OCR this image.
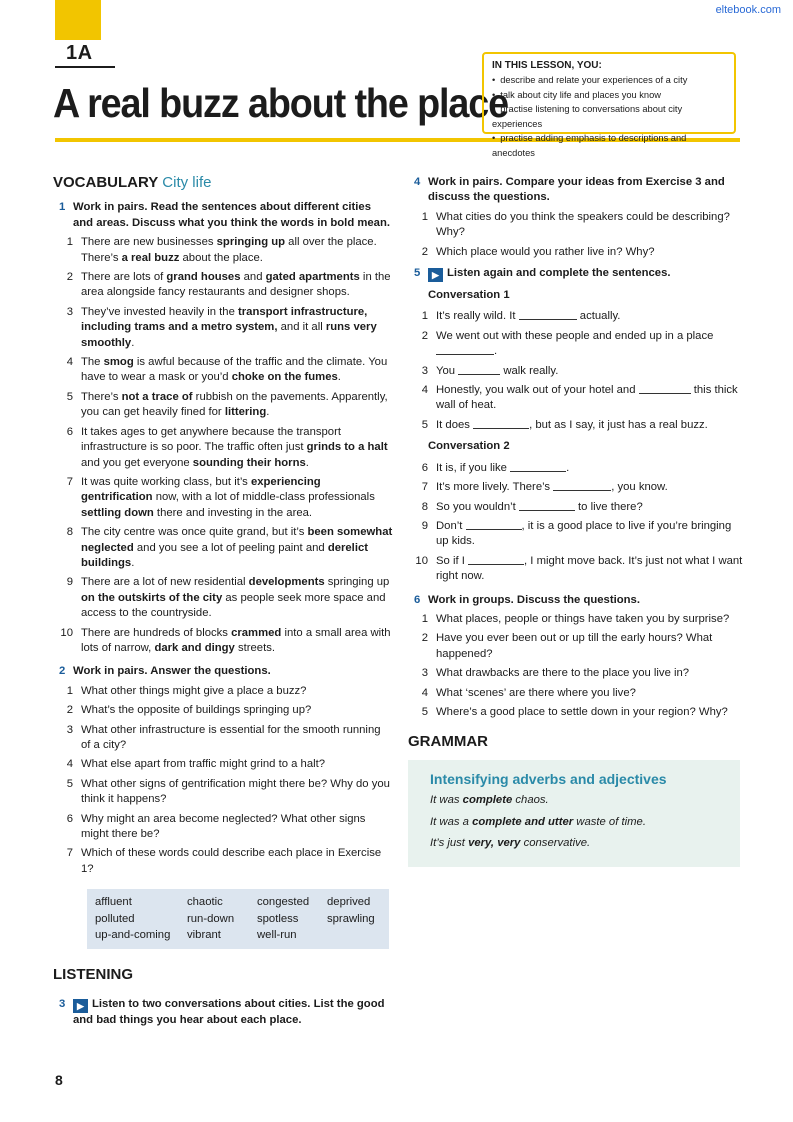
1A
eltebook.com
A real buzz about the place
IN THIS LESSON, YOU:
• describe and relate your experiences of a city
• talk about city life and places you know
• practise listening to conversations about city experiences
• practise adding emphasis to descriptions and anecdotes
VOCABULARY City life
1 Work in pairs. Read the sentences about different cities and areas. Discuss what you think the words in bold mean.
1 There are new businesses springing up all over the place. There’s a real buzz about the place.
2 There are lots of grand houses and gated apartments in the area alongside fancy restaurants and designer shops.
3 They’ve invested heavily in the transport infrastructure, including trams and a metro system, and it all runs very smoothly.
4 The smog is awful because of the traffic and the climate. You have to wear a mask or you’d choke on the fumes.
5 There’s not a trace of rubbish on the pavements. Apparently, you can get heavily fined for littering.
6 It takes ages to get anywhere because the transport infrastructure is so poor. The traffic often just grinds to a halt and you get everyone sounding their horns.
7 It was quite working class, but it’s experiencing gentrification now, with a lot of middle-class professionals settling down there and investing in the area.
8 The city centre was once quite grand, but it’s been somewhat neglected and you see a lot of peeling paint and derelict buildings.
9 There are a lot of new residential developments springing up on the outskirts of the city as people seek more space and access to the countryside.
10 There are hundreds of blocks crammed into a small area with lots of narrow, dark and dingy streets.
2 Work in pairs. Answer the questions.
1 What other things might give a place a buzz?
2 What’s the opposite of buildings springing up?
3 What other infrastructure is essential for the smooth running of a city?
4 What else apart from traffic might grind to a halt?
5 What other signs of gentrification might there be? Why do you think it happens?
6 Why might an area become neglected? What other signs might there be?
7 Which of these words could describe each place in Exercise 1?
affluent	chaotic	congested	deprived
polluted	run-down	spotless	sprawling
up-and-coming	vibrant	well-run
LISTENING
3	▶ Listen to two conversations about cities. List the good and bad things you hear about each place.
4 Work in pairs. Compare your ideas from Exercise 3 and discuss the questions.
1 What cities do you think the speakers could be describing? Why?
2 Which place would you rather live in? Why?
5	▶ Listen again and complete the sentences.
Conversation 1
1 It’s really wild. It	actually.
2 We went out with these people and ended up in a place .
3 You	walk really.
4 Honestly, you walk out of your hotel and	this thick wall of heat.
5 It does	, but as I say, it just has a real buzz.
Conversation 2
6 It is, if you like	.
7 It’s more lively. There’s	, you know.
8 So you wouldn’t	to live there?
9 Don’t	, it is a good place to live if you’re bringing up kids.
10 So if I	, I might move back. It’s just not what I want right now.
6 Work in groups. Discuss the questions.
1 What places, people or things have taken you by surprise?
2 Have you ever been out or up till the early hours? What happened?
3 What drawbacks are there to the place you live in?
4 What ‘scenes’ are there where you live?
5 Where’s a good place to settle down in your region? Why?
GRAMMAR
Intensifying adverbs and adjectives

It was complete chaos.

It was a complete and utter waste of time.

It’s just very, very conservative.

8
